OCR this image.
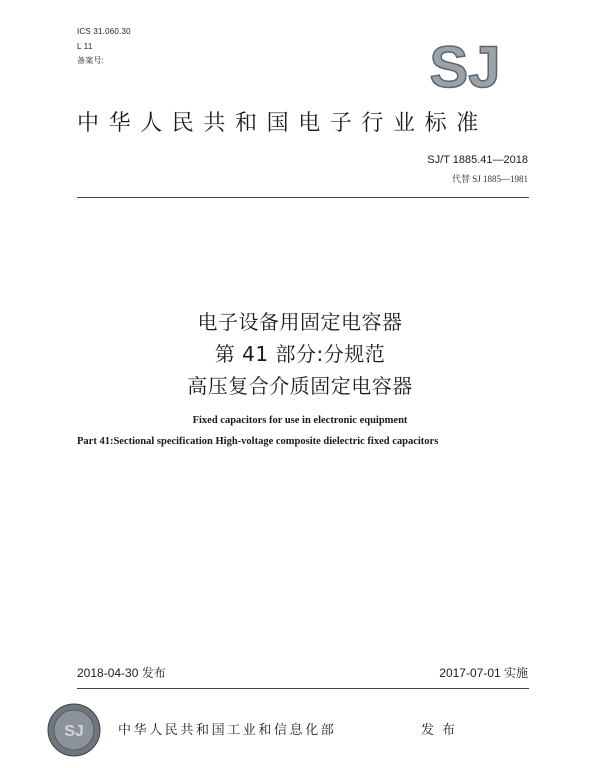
ICS 31.060.30
L 11
备案号:	SJ
中华人民共和国电子行业标准
SJ/T 1885.41—2018
代替 SJ 1885—1981
电子设备用固定电容器
第 41 部分:分规范
高压复合介质固定电容器
Fixed capacitors for use in electronic equipment
Part 41:Sectional specification High-voltage composite dielectric fixed capacitors
2018-04-30 发布	2017-07-01 实施
SJ	中华人民共和国工业和信息化部	发布
